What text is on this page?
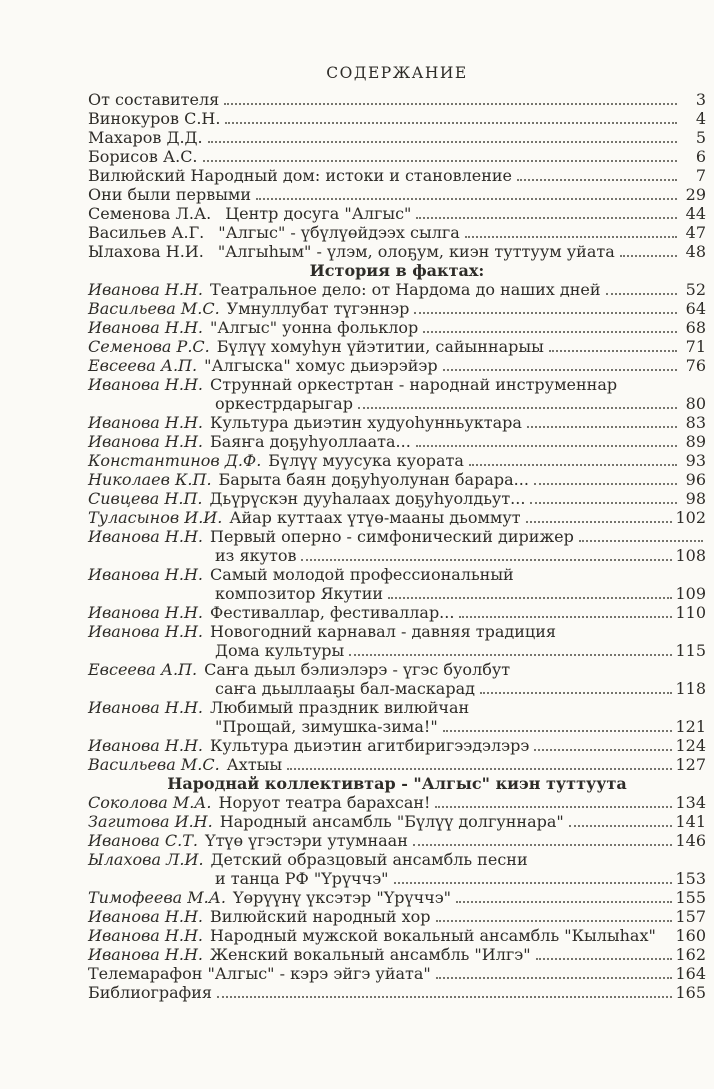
СОДЕРЖАНИЕ
От составителя	3
Винокуров С.Н.	4
Махаров Д.Д.	5
Борисов А.С.	6
Вилюйский Народный дом: истоки и становление	7
Они были первыми	29
Семенова Л.А. Центр досуга "Алгыс"	44
Васильев А.Г. "Алгыс" - үбүлүөйдээх сылга	47
Ылахова Н.И. "Алгыһым" - үлэм, олоҕум, киэн туттуум уйата	48
История в фактах:
Иванова Н.Н. Театральное дело: от Нардома до наших дней	52
Васильева М.С. Умнуллубат түгэннэр	64
Иванова Н.Н. "Алгыс" уонна фольклор	68
Семенова Р.С. Бүлүү хомуһун үйэтитии, сайыннарыы	71
Евсеева А.П. "Алгыска" хомус дьиэрэйэр	76
Иванова Н.Н. Струннай оркестртан - народнай инструменнар
оркестрдарыгар	80
Иванова Н.Н. Культура дьиэтин худуоһунньуктара	83
Иванова Н.Н. Баяҥа доҕуһуоллаата...	89
Константинов Д.Ф. Бүлүү муусука куората	93
Николаев К.П. Барыта баян доҕуһуолунан барара...	96
Сивцева Н.П. Дьүрүскэн дууһалаах доҕуһуолдьут...	98
Туласынов И.И. Айар куттаах үтүө-мааны дьоммут	102
Иванова Н.Н. Первый оперно - симфонический дирижер
из якутов	108
Иванова Н.Н. Самый молодой профессиональный
композитор Якутии	109
Иванова Н.Н. Фестиваллар, фестиваллар...	110
Иванова Н.Н. Новогодний карнавал - давняя традиция
Дома культуры	115
Евсеева А.П. Саҥа дьыл бэлиэлэрэ - үгэс буолбут
саҥа дьыллааҕы бал-маскарад	118
Иванова Н.Н. Любимый праздник вилюйчан
"Прощай, зимушка-зима!"	121
Иванова Н.Н. Культура дьиэтин агитбиригээдэлэрэ	124
Васильева М.С. Ахтыы	127
Народнай коллективтар - "Алгыс" киэн туттуута
Соколова М.А. Норуот театра барахсан!	134
Загитова И.Н. Народный ансамбль "Бүлүү долгуннара"	141
Иванова С.Т. Үтүө үгэстэри утумнаан	146
Ылахова Л.И. Детский образцовый ансамбль песни
и танца РФ "Үрүччэ"	153
Тимофеева М.А. Үөрүүнү үксэтэр "Үрүччэ"	155
Иванова Н.Н. Вилюйский народный хор	157
Иванова Н.Н. Народный мужской вокальный ансамбль "Кылыһах" 160
Иванова Н.Н. Женский вокальный ансамбль "Илгэ"	162
Телемарафон "Алгыс" - кэрэ эйгэ уйата"	164
Библиография	165
